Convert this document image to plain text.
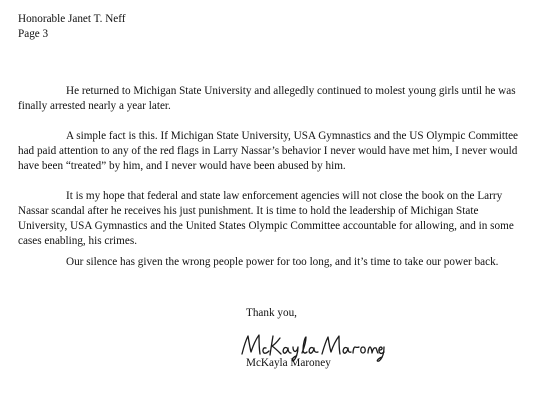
Honorable Janet T. Neff
Page 3

He returned to Michigan State University and allegedly continued to molest young girls until he was finally arrested nearly a year later.

A simple fact is this. If Michigan State University, USA Gymnastics and the US Olympic Committee had paid attention to any of the red flags in Larry Nassar’s behavior I never would have met him, I never would have been “treated” by him, and I never would have been abused by him.

It is my hope that federal and state law enforcement agencies will not close the book on the Larry Nassar scandal after he receives his just punishment. It is time to hold the leadership of Michigan State University, USA Gymnastics and the United States Olympic Committee accountable for allowing, and in some cases enabling, his crimes.

Our silence has given the wrong people power for too long, and it’s time to take our power back.

Thank you,
McKayla Maroney
